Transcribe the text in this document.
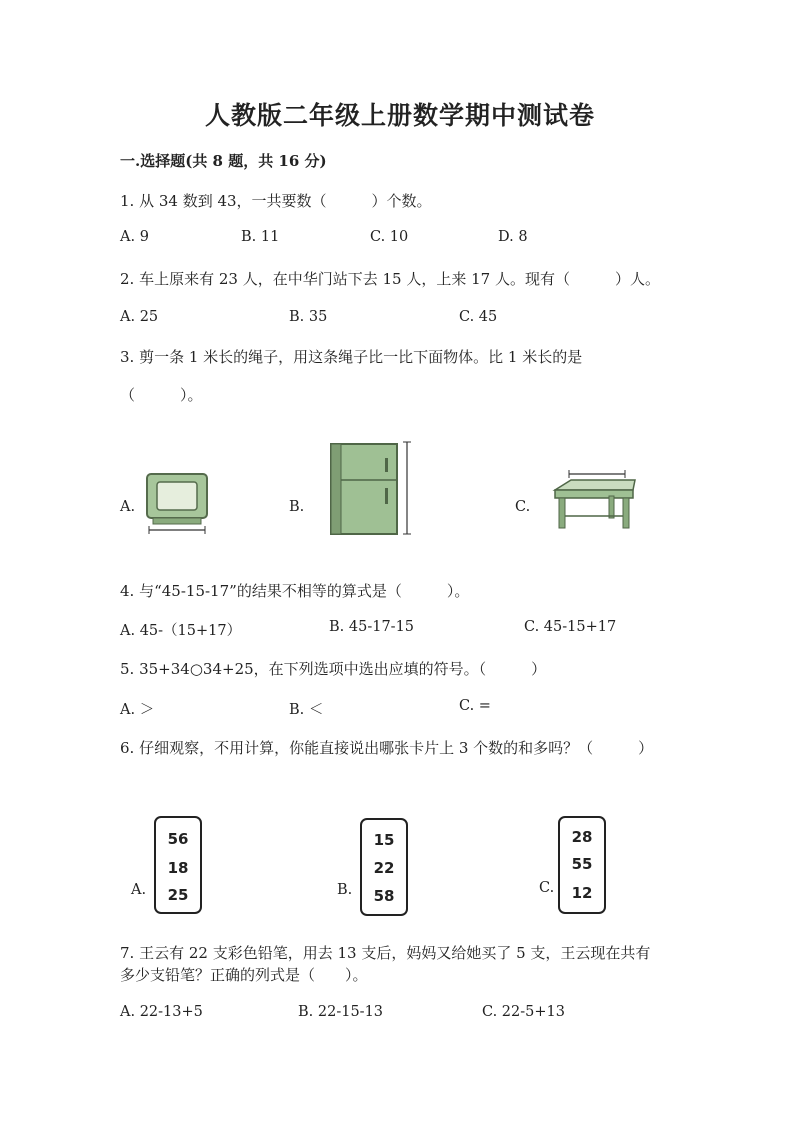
人教版二年级上册数学期中测试卷
一.选择题(共 8 题，共 16 分)
1. 从 34 数到 43，一共要数（　　　）个数。
A. 9	B. 11	C. 10	D. 8
2. 车上原来有 23 人，在中华门站下去 15 人，上来 17 人。现有（　　　）人。
A. 25	B. 35	C. 45
3. 剪一条 1 米长的绳子，用这条绳子比一比下面物体。比 1 米长的是
（　　　）。
A.	B.	C.
4. 与“45-15-17”的结果不相等的算式是（　　　）。
A. 45-（15+17）	B. 45-17-15	C. 45-15+17
5. 35+34○34+25，在下列选项中选出应填的符号。（　　　）
A. ＞	B. ＜	C. =
6. 仔细观察，不用计算，你能直接说出哪张卡片上 3 个数的和多吗？（　　　）
A.
56
18
25	B.
15
22
58	C.
28
55
12
7. 王云有 22 支彩色铅笔，用去 13 支后，妈妈又给她买了 5 支，王云现在共有
多少支铅笔？正确的列式是（　　）。
A. 22-13+5	B. 22-15-13	C. 22-5+13
